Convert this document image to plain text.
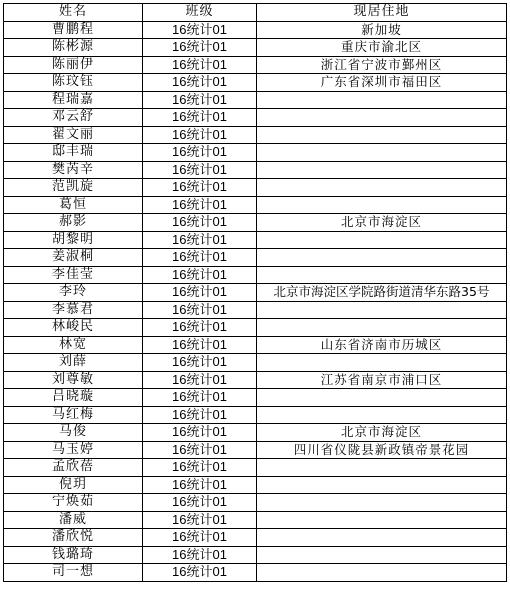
姓名	班级	现居住地
曹鹏程	16统计01	新加坡
陈彬源	16统计01	重庆市渝北区
陈丽伊	16统计01	浙江省宁波市鄞州区
陈玟钰	16统计01	广东省深圳市福田区
程瑞嘉	16统计01	
邓云舒	16统计01	
翟文丽	16统计01	
邸丰瑞	16统计01	
樊芮辛	16统计01	
范凯旋	16统计01	
葛恒	16统计01	
郝影	16统计01	北京市海淀区
胡黎明	16统计01	
姜淑桐	16统计01	
李佳莹	16统计01	
李玲	16统计01	北京市海淀区学院路街道清华东路35号
李慕君	16统计01	
林峻民	16统计01	
林宽	16统计01	山东省济南市历城区
刘薛	16统计01	
刘尊敏	16统计01	江苏省南京市浦口区
吕晓璇	16统计01	
马红梅	16统计01	
马俊	16统计01	北京市海淀区
马玉婷	16统计01	四川省仪陇县新政镇帝景花园
孟欣蓓	16统计01	
倪玥	16统计01	
宁焕茹	16统计01	
潘威	16统计01	
潘欣悦	16统计01	
钱璐琦	16统计01	
司一想	16统计01	
